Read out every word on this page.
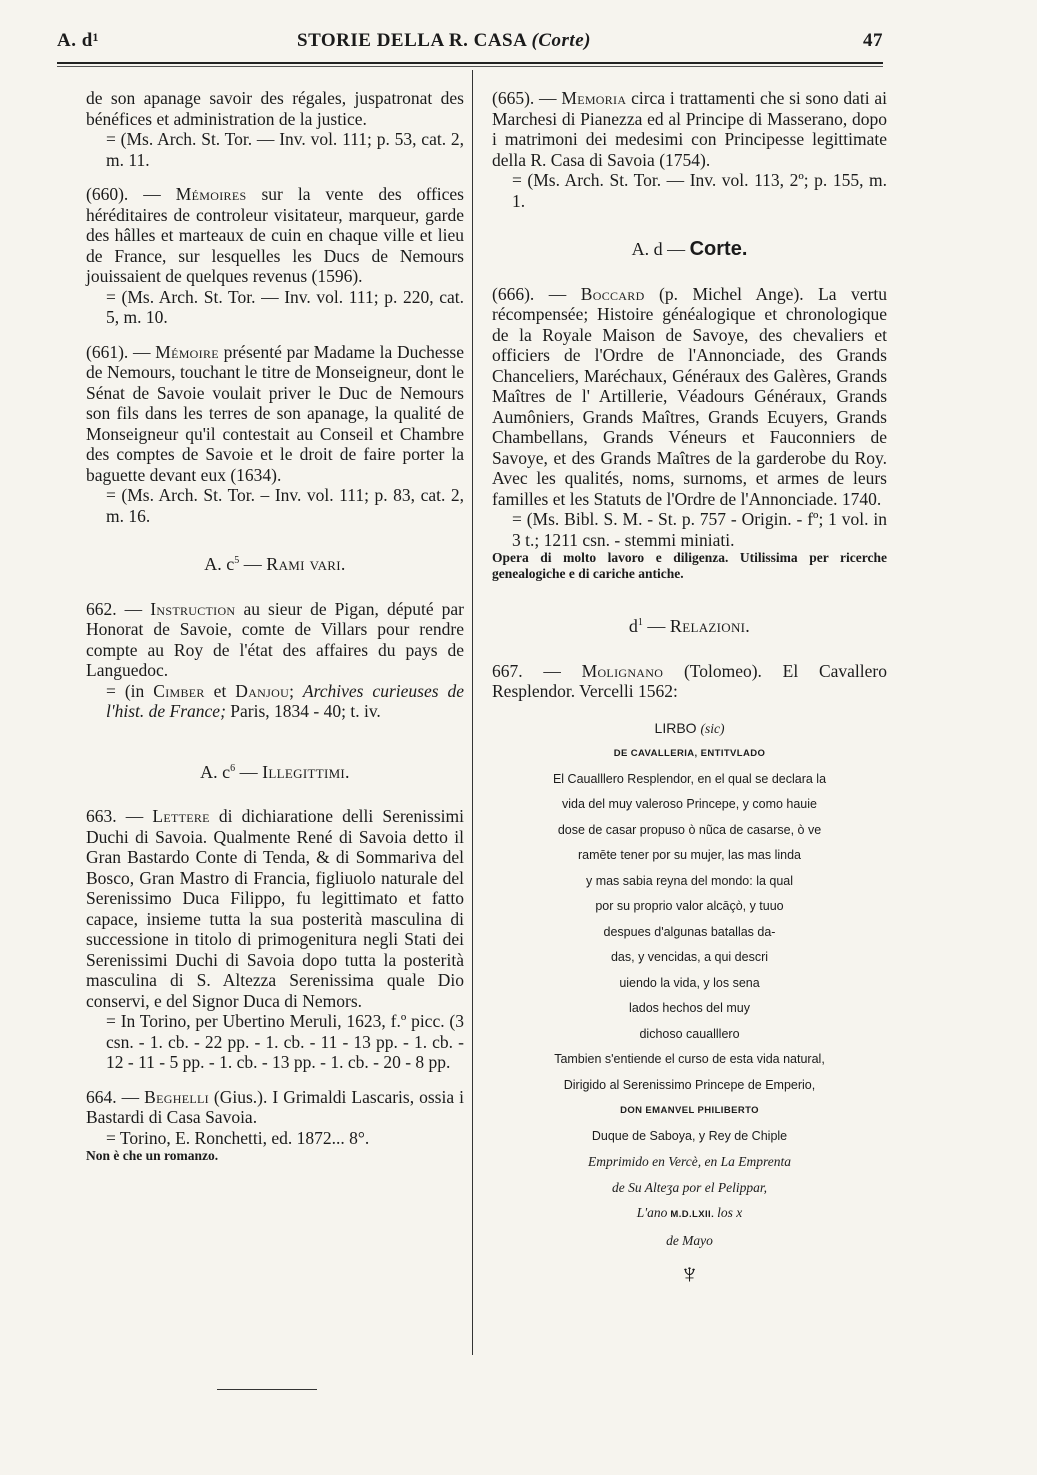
A. d¹	STORIE DELLA R. CASA (Corte)	47

de son apanage savoir des régales, juspatronat des bénéfices et administration de la justice.

= (Ms. Arch. St. Tor. — Inv. vol. 111; p. 53, cat. 2, m. 11.

(660). — Mémoires sur la vente des offices héréditaires de controleur visitateur, marqueur, garde des hâlles et marteaux de cuin en chaque ville et lieu de France, sur lesquelles les Ducs de Nemours jouissaient de quelques revenus (1596).

= (Ms. Arch. St. Tor. — Inv. vol. 111; p. 220, cat. 5, m. 10.

(661). — Mémoire présenté par Madame la Duchesse de Nemours, touchant le titre de Monseigneur, dont le Sénat de Savoie voulait priver le Duc de Nemours son fils dans les terres de son apanage, la qualité de Monseigneur qu'il contestait au Conseil et Chambre des comptes de Savoie et le droit de faire porter la baguette devant eux (1634).

= (Ms. Arch. St. Tor. – Inv. vol. 111; p. 83, cat. 2, m. 16.

A. $c^5$ — Rami vari.

662. — Instruction au sieur de Pigan, député par Honorat de Savoie, comte de Villars pour rendre compte au Roy de l'état des affaires du pays de Languedoc.

= (in Cimber et Danjou; Archives curieuses de l'hist. de France; Paris, 1834 - 40; t. iv.

A. $c^6$ — Illegittimi.

663. — Lettere di dichiaratione delli Serenissimi Duchi di Savoia. Qualmente René di Savoia detto il Gran Bastardo Conte di Tenda, & di Sommariva del Bosco, Gran Mastro di Francia, figliuolo naturale del Serenissimo Duca Filippo, fu legittimato et fatto capace, insieme tutta la sua posterità masculina di successione in titolo di primogenitura negli Stati dei Serenissimi Duchi di Savoia dopo tutta la posterità masculina di S. Altezza Serenissima quale Dio conservi, e del Signor Duca di Nemors.

= In Torino, per Ubertino Meruli, 1623, f.º picc. (3 csn. - 1. cb. - 22 pp. - 1. cb. - 11 - 13 pp. - 1. cb. - 12 - 11 - 5 pp. - 1. cb. - 13 pp. - 1. cb. - 20 - 8 pp.

664. — Beghelli (Gius.). I Grimaldi Lascaris, ossia i Bastardi di Casa Savoia.

= Torino, E. Ronchetti, ed. 1872... 8°.

Non è che un romanzo.

(665). — Memoria circa i trattamenti che si sono dati ai Marchesi di Pianezza ed al Principe di Masserano, dopo i matrimoni dei medesimi con Principesse legittimate della R. Casa di Savoia (1754).

= (Ms. Arch. St. Tor. — Inv. vol. 113, 2º; p. 155, m. 1.

A. d — Corte.

(666). — Boccard (p. Michel Ange). La vertu récompensée; Histoire généalogique et chronologique de la Royale Maison de Savoye, des chevaliers et officiers de l'Ordre de l'Annonciade, des Grands Chanceliers, Maréchaux, Généraux des Galères, Grands Maîtres de l' Artillerie, Véadours Généraux, Grands Aumôniers, Grands Maîtres, Grands Ecuyers, Grands Chambellans, Grands Véneurs et Fauconniers de Savoye, et des Grands Maîtres de la garderobe du Roy. Avec les qualités, noms, surnoms, et armes de leurs familles et les Statuts de l'Ordre de l'Annonciade. 1740.

= (Ms. Bibl. S. M. - St. p. 757 - Origin. - fº; 1 vol. in 3 t.; 1211 csn. - stemmi miniati.

Opera di molto lavoro e diligenza. Utilissima per ricerche genealogiche e di cariche antiche.

$d^1$ — Relazioni.

667. — Molignano (Tolomeo). El Cavallero Resplendor. Vercelli 1562:

LIRBO (sic)
DE CAVALLERIA, ENTITVLADO
El Caualllero Resplendor, en el qual se declara la
vida del muy valeroso Princepe, y como hauie
dose de casar propuso ò nũca de casarse, ò ve
ramēte tener por su mujer, las mas linda
y mas sabia reyna del mondo: la qual
por su proprio valor alcāçò, y tuuo
despues d'algunas batallas da-
das, y vencidas, a qui descri
uiendo la vida, y los sena
lados hechos del muy
dichoso caualllero
Tambien s'entiende el curso de esta vida natural,
Dirigido al Serenissimo Princepe de Emperio,
DON EMANVEL PHILIBERTO
Duque de Saboya, y Rey de Chiple
Emprimido en Vercè, en La Emprenta
de Su Alteʒa por el Pelippar,
L'ano M.D.LXII. los x
de Mayo
♆
